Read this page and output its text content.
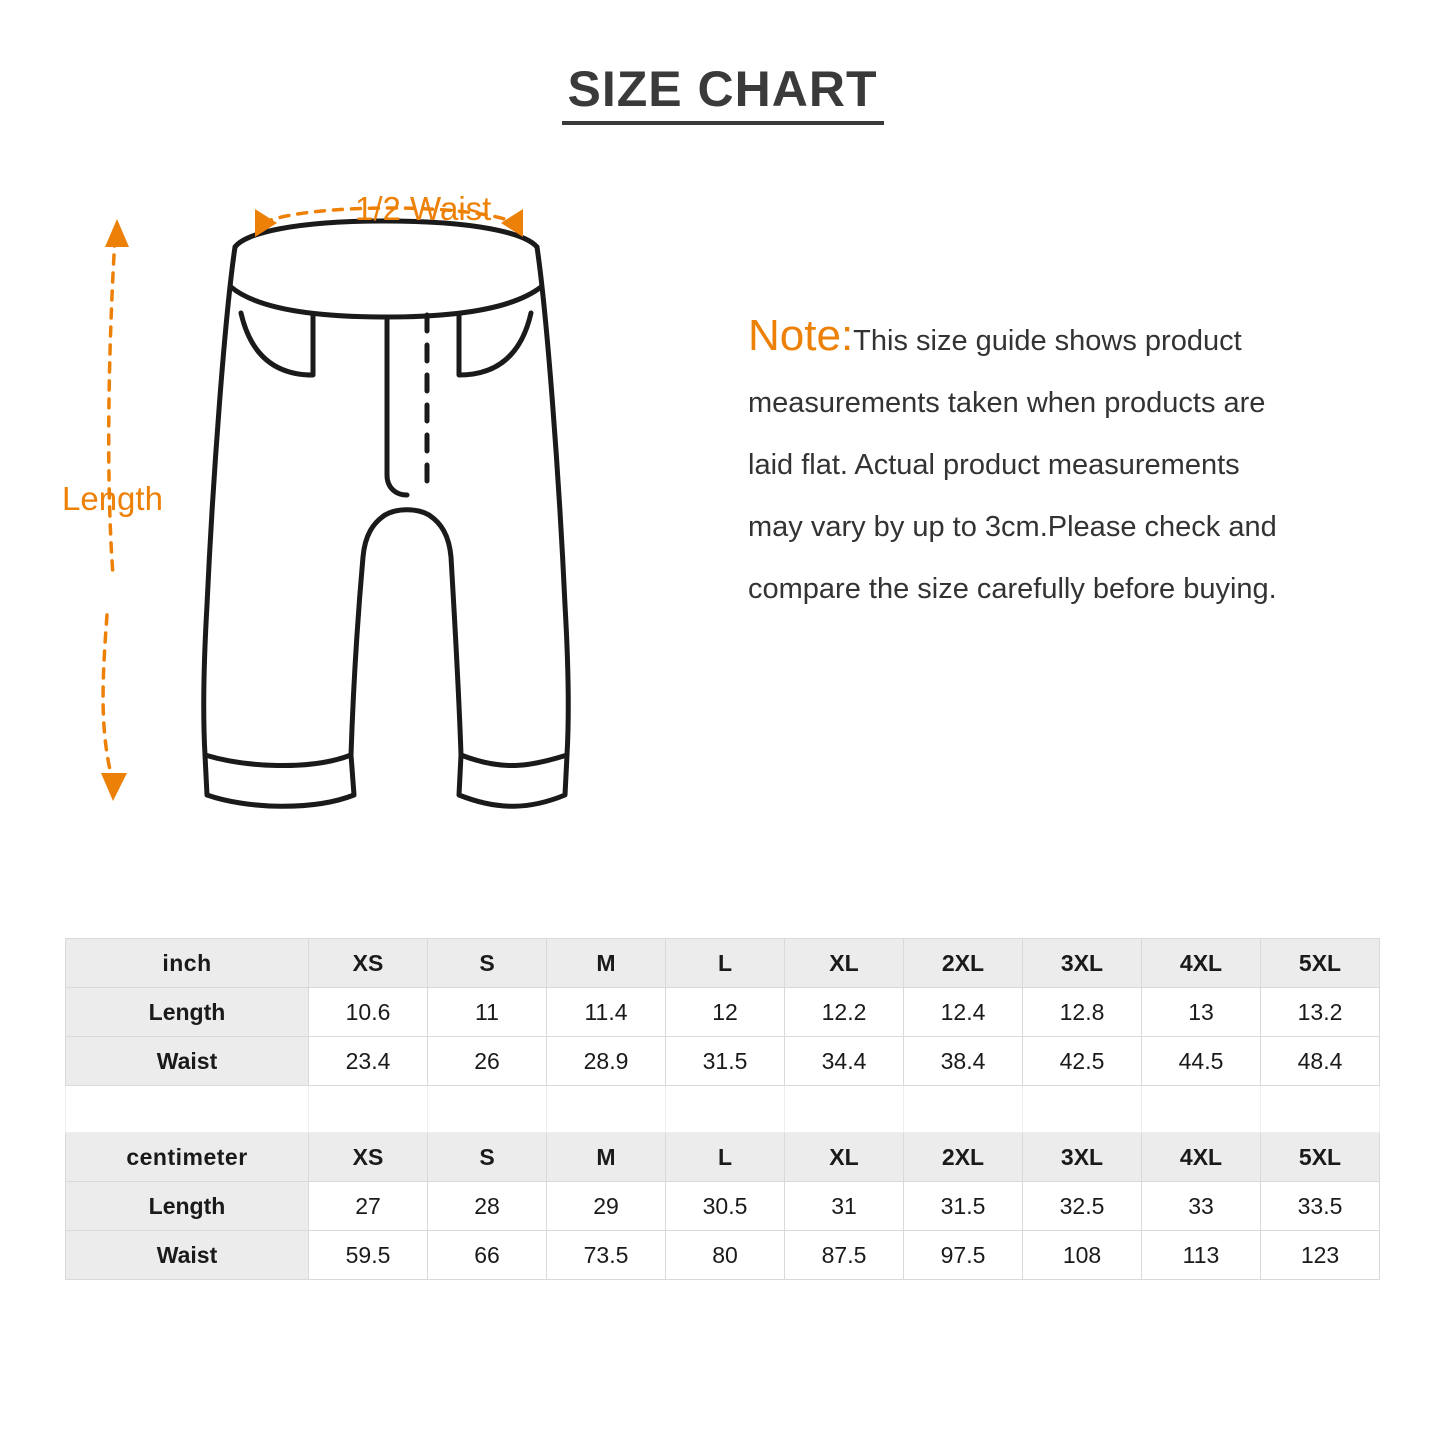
SIZE CHART
1/2 Waist
Length
Note:This size guide shows product
measurements taken when products are
laid flat. Actual product measurements
may vary by up to 3cm.Please check and
compare the size carefully before buying.
inch	XS	S	M	L	XL	2XL	3XL	4XL	5XL
Length	10.6	11	11.4	12	12.2	12.4	12.8	13	13.2
Waist	23.4	26	28.9	31.5	34.4	38.4	42.5	44.5	48.4

centimeter	XS	S	M	L	XL	2XL	3XL	4XL	5XL
Length	27	28	29	30.5	31	31.5	32.5	33	33.5
Waist	59.5	66	73.5	80	87.5	97.5	108	113	123
